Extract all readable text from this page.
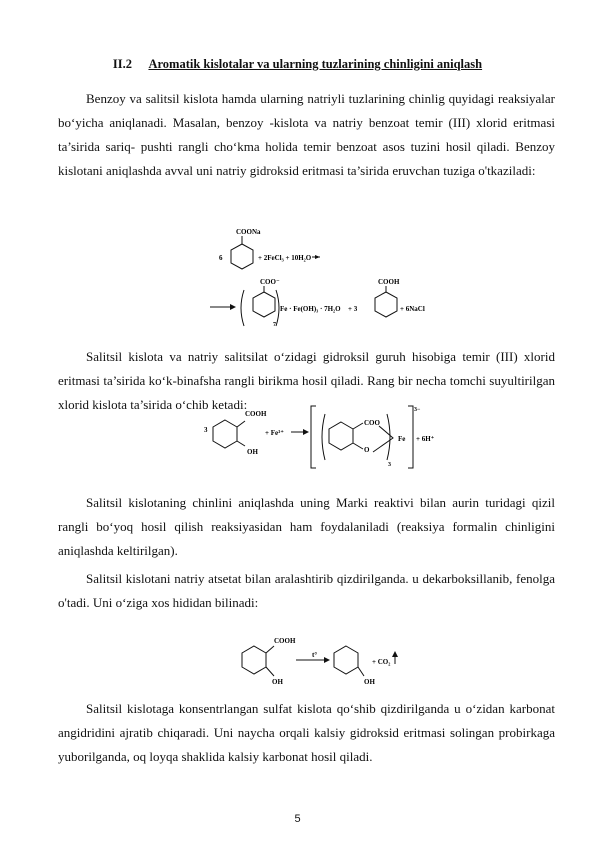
II.2 Aromatik kislotalar va ularning tuzlarining chinligini aniqlash
Benzoy va salitsil kislota hamda ularning natriyli tuzlarining chinlig quyidagi reaksiyalar bo‘yicha aniqlanadi. Masalan, benzoy -kislota va natriy benzoat temir (III) xlorid eritmasi ta’sirida sariq- pushti rangli cho‘kma holida temir benzoat asos tuzini hosil qiladi. Benzoy kislotani aniqlashda avval uni natriy gidroksid eritmasi ta’sirida eruvchan tuziga o'tkaziladi:
COONa
6	+ 2FeCl₃ + 10H₂O
COO⁻
7
Fe · Fe(OH)₃ · 7H₂O + 3
COOH
+ 6NaCl
Salitsil kislota va natriy salitsilat o‘zidagi gidroksil guruh hisobiga temir (III) xlorid eritmasi ta’sirida ko‘k-binafsha rangli birikma hosil qiladi. Rang bir necha tomchi suyultirilgan xlorid kislota ta’sirida o‘chib ketadi:
3
COOH
OH
+ Fe³⁺
COO
O
3
Fe
3−
+ 6H⁺
Salitsil kislotaning chinlini aniqlashda uning Marki reaktivi bilan aurin turidagi qizil rangli bo‘yoq hosil qilish reaksiyasidan ham foydalaniladi (reaksiya formalin chinligini aniqlashda keltirilgan).
Salitsil kislotani natriy atsetat bilan aralashtirib qizdirilganda. u dekarboksillanib, fenolga o'tadi. Uni o‘ziga xos hididan bilinadi:
COOH
OH
t°
OH
+ CO₂
Salitsil kislotaga konsentrlangan sulfat kislota qo‘shib qizdirilganda u o‘zidan karbonat angidridini ajratib chiqaradi. Uni naycha orqali kalsiy gidroksid eritmasi solingan probirkaga yuborilganda, oq loyqa shaklida kalsiy karbonat hosil qiladi.
5
